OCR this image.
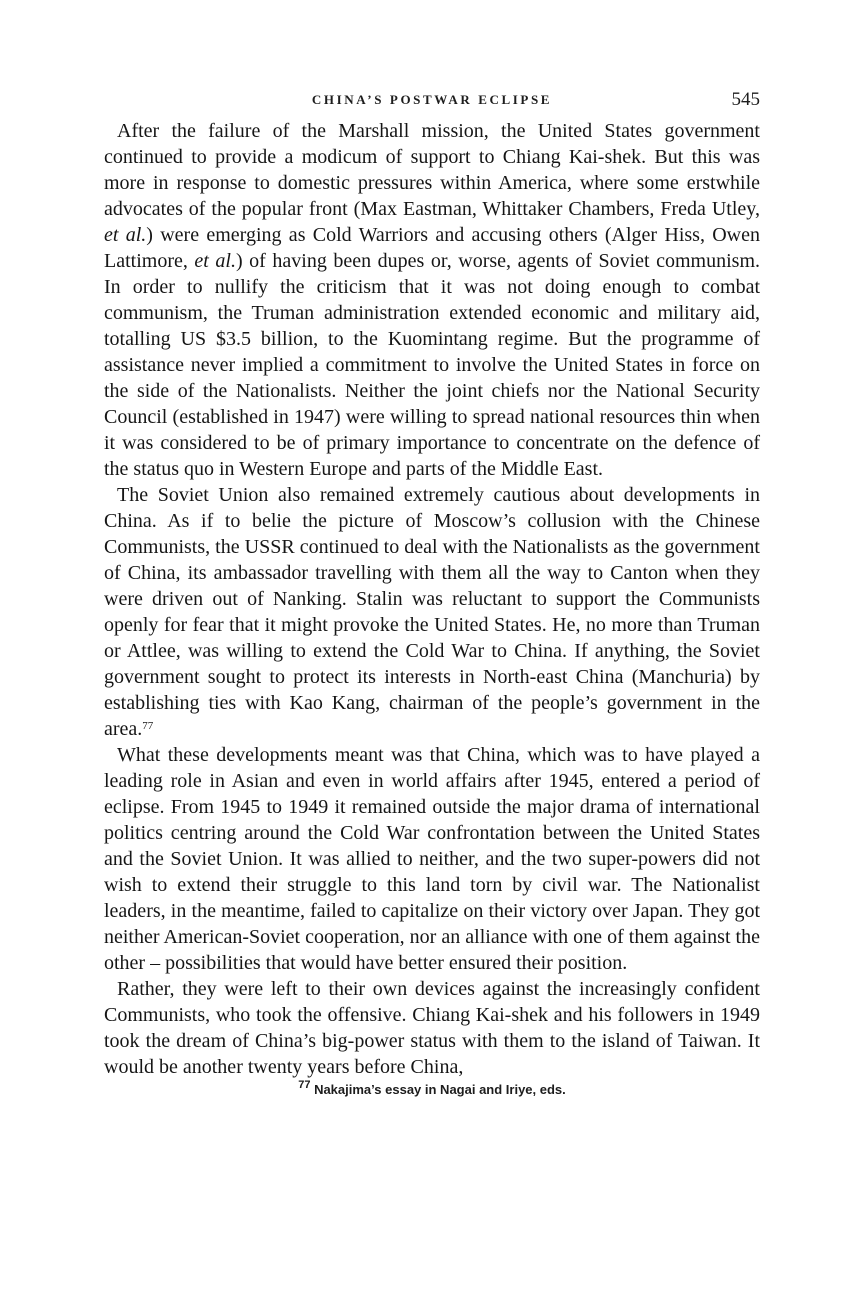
CHINA’S POSTWAR ECLIPSE	545

After the failure of the Marshall mission, the United States government continued to provide a modicum of support to Chiang Kai-shek. But this was more in response to domestic pressures within America, where some erstwhile advocates of the popular front (Max Eastman, Whittaker Chambers, Freda Utley, et al.) were emerging as Cold Warriors and accusing others (Alger Hiss, Owen Lattimore, et al.) of having been dupes or, worse, agents of Soviet communism. In order to nullify the criticism that it was not doing enough to combat communism, the Truman administration extended economic and military aid, totalling US $3.5 billion, to the Kuomintang regime. But the programme of assistance never implied a commitment to involve the United States in force on the side of the Nationalists. Neither the joint chiefs nor the National Security Council (established in 1947) were willing to spread national resources thin when it was considered to be of primary importance to concentrate on the defence of the status quo in Western Europe and parts of the Middle East.

The Soviet Union also remained extremely cautious about developments in China. As if to belie the picture of Moscow’s collusion with the Chinese Communists, the USSR continued to deal with the Nationalists as the government of China, its ambassador travelling with them all the way to Canton when they were driven out of Nanking. Stalin was reluctant to support the Communists openly for fear that it might provoke the United States. He, no more than Truman or Attlee, was willing to extend the Cold War to China. If anything, the Soviet government sought to protect its interests in North-east China (Manchuria) by establishing ties with Kao Kang, chairman of the people’s government in the area.$^{77}$

What these developments meant was that China, which was to have played a leading role in Asian and even in world affairs after 1945, entered a period of eclipse. From 1945 to 1949 it remained outside the major drama of international politics centring around the Cold War confrontation between the United States and the Soviet Union. It was allied to neither, and the two super-powers did not wish to extend their struggle to this land torn by civil war. The Nationalist leaders, in the meantime, failed to capitalize on their victory over Japan. They got neither American-Soviet cooperation, nor an alliance with one of them against the other – possibilities that would have better ensured their position.

Rather, they were left to their own devices against the increasingly confident Communists, who took the offensive. Chiang Kai-shek and his followers in 1949 took the dream of China’s big-power status with them to the island of Taiwan. It would be another twenty years before China,

$^{77}$ Nakajima’s essay in Nagai and Iriye, eds.
